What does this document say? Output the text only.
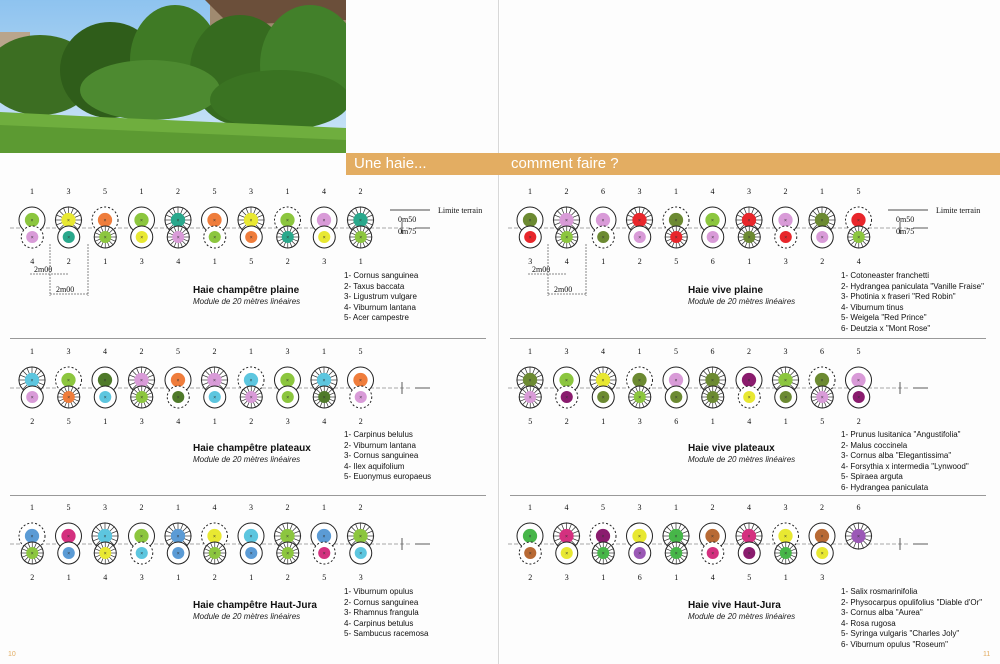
Une haie...	comment faire ?
×	×	×	×	×	×	×	×	×	×
×	×	×	×	×	×	×	×	×	×
1	3	5	1	2	5	3	1	4	2
4	2	1	3	4	1	5	2	3	1
Limite terrain
0m50
0m75
2m00
2m00
×	×	×	×	×	×	×	×	×	×
×	×	×	×	×	×	×	×	×	×
1	3	4	2	5	2	1	3	1	5
2	5	1	3	4	1	2	3	4	2
×	×	×	×	×	×	×	×	×	×
×	×	×	×	×	×	×	×	×	×
1	5	3	2	1	4	3	2	1	2
2	1	4	3	1	2	1	2	5	3
×	×	×	×	×	×	×	×	×	×
×	×	×	×	×	×	×	×	×	×
1	2	6	3	1	4	3	2	1	5
3	4	1	2	5	6	1	3	2	4
Limite terrain
0m50
0m75
2m00
2m00
×	×	×	×	×	×	×	×	×	×
×	×	×	×	×	×	×	×	×	×
1	3	4	1	5	6	2	3	6	5
5	2	1	3	6	1	4	1	5	2
×	×	×	×	×	×	×	×	×	×
×	×	×	×	×	×	×	×	×
1	4	5	3	1	2	4	3	2	6
2	3	1	6	1	4	5	1	3
Haie champêtre plaine
Module de 20 mètres linéaires
1- Cornus sanguinea
2- Taxus baccata
3- Ligustrum vulgare
4- Viburnum lantana
5- Acer campestre
Haie champêtre plateaux
Module de 20 mètres linéaires
1- Carpinus belulus
2- Viburnum lantana
3- Cornus sanguinea
4- Ilex aquifolium
5- Euonymus europaeus
Haie champêtre Haut-Jura
Module de 20 mètres linéaires
1- Viburnum opulus
2- Cornus sanguinea
3- Rhamnus frangula
4- Carpinus betulus
5- Sambucus racemosa
Haie vive plaine
Module de 20 mètres linéaires
1- Cotoneaster franchetti
2- Hydrangea paniculata "Vanille Fraise"
3- Photinia x fraseri "Red Robin"
4- Viburnum tinus
5- Weigela "Red Prince"
6- Deutzia x "Mont Rose"
Haie vive plateaux
Module de 20 mètres linéaires
1- Prunus lusitanica "Angustifolia"
2- Malus coccinela
3- Cornus alba "Elegantissima"
4- Forsythia x intermedia "Lynwood"
5- Spiraea arguta
6- Hydrangea paniculata
Haie vive Haut-Jura
Module de 20 mètres linéaires
1- Salix rosmarinifolia
2- Physocarpus opulifolius "Diable d'Or"
3- Cornus alba "Aurea"
4- Rosa rugosa
5- Syringa vulgaris "Charles Joly"
6- Viburnum opulus "Roseum"
10	11
